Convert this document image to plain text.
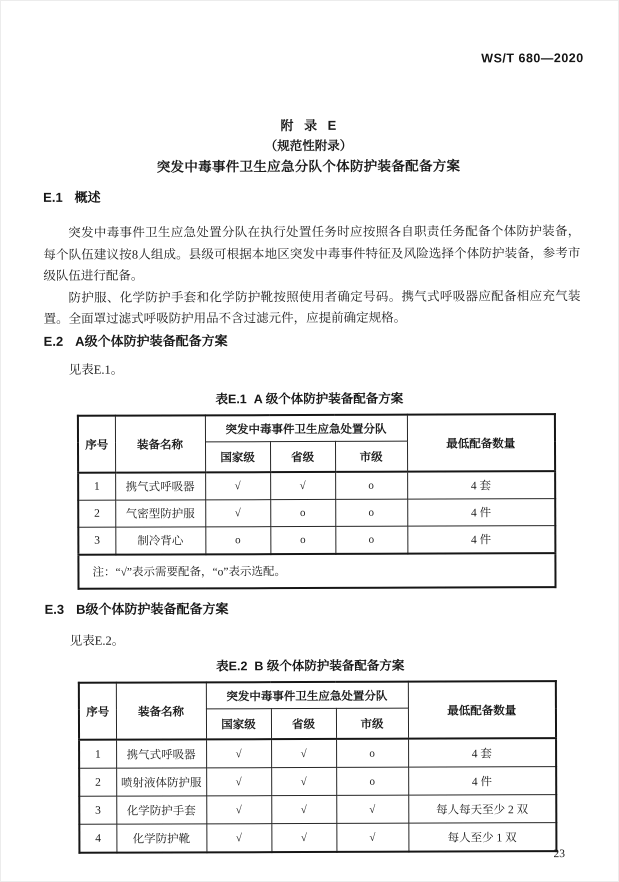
WS/T 680—2020
附 录 E
（规范性附录）
突发中毒事件卫生应急分队个体防护装备配备方案
E.1 概述

突发中毒事件卫生应急处置分队在执行处置任务时应按照各自职责任务配备个体防护装备，每个队伍建议按8人组成。县级可根据本地区突发中毒事件特征及风险选择个体防护装备，参考市级队伍进行配备。

防护服、化学防护手套和化学防护靴按照使用者确定号码。携气式呼吸器应配备相应充气装置。全面罩过滤式呼吸防护用品不含过滤元件，应提前确定规格。

E.2 A级个体防护装备配备方案

见表E.1。

表E.1 A 级个体防护装备配备方案
序号	装备名称	突发中毒事件卫生应急处置分队			最低配备数量
		国家级	省级	市级	
1	携气式呼吸器	√	√	o	4 套
2	气密型防护服	√	o	o	4 件
3	制冷背心	o	o	o	4 件
注：“√”表示需要配备，“o”表示选配。					
E.3 B级个体防护装备配备方案

见表E.2。

表E.2 B 级个体防护装备配备方案
序号	装备名称	突发中毒事件卫生应急处置分队			最低配备数量
		国家级	省级	市级	
1	携气式呼吸器	√	√	o	4 套
2	喷射液体防护服	√	√	o	4 件
3	化学防护手套	√	√	√	每人每天至少 2 双
4	化学防护靴	√	√	√	每人至少 1 双
23
